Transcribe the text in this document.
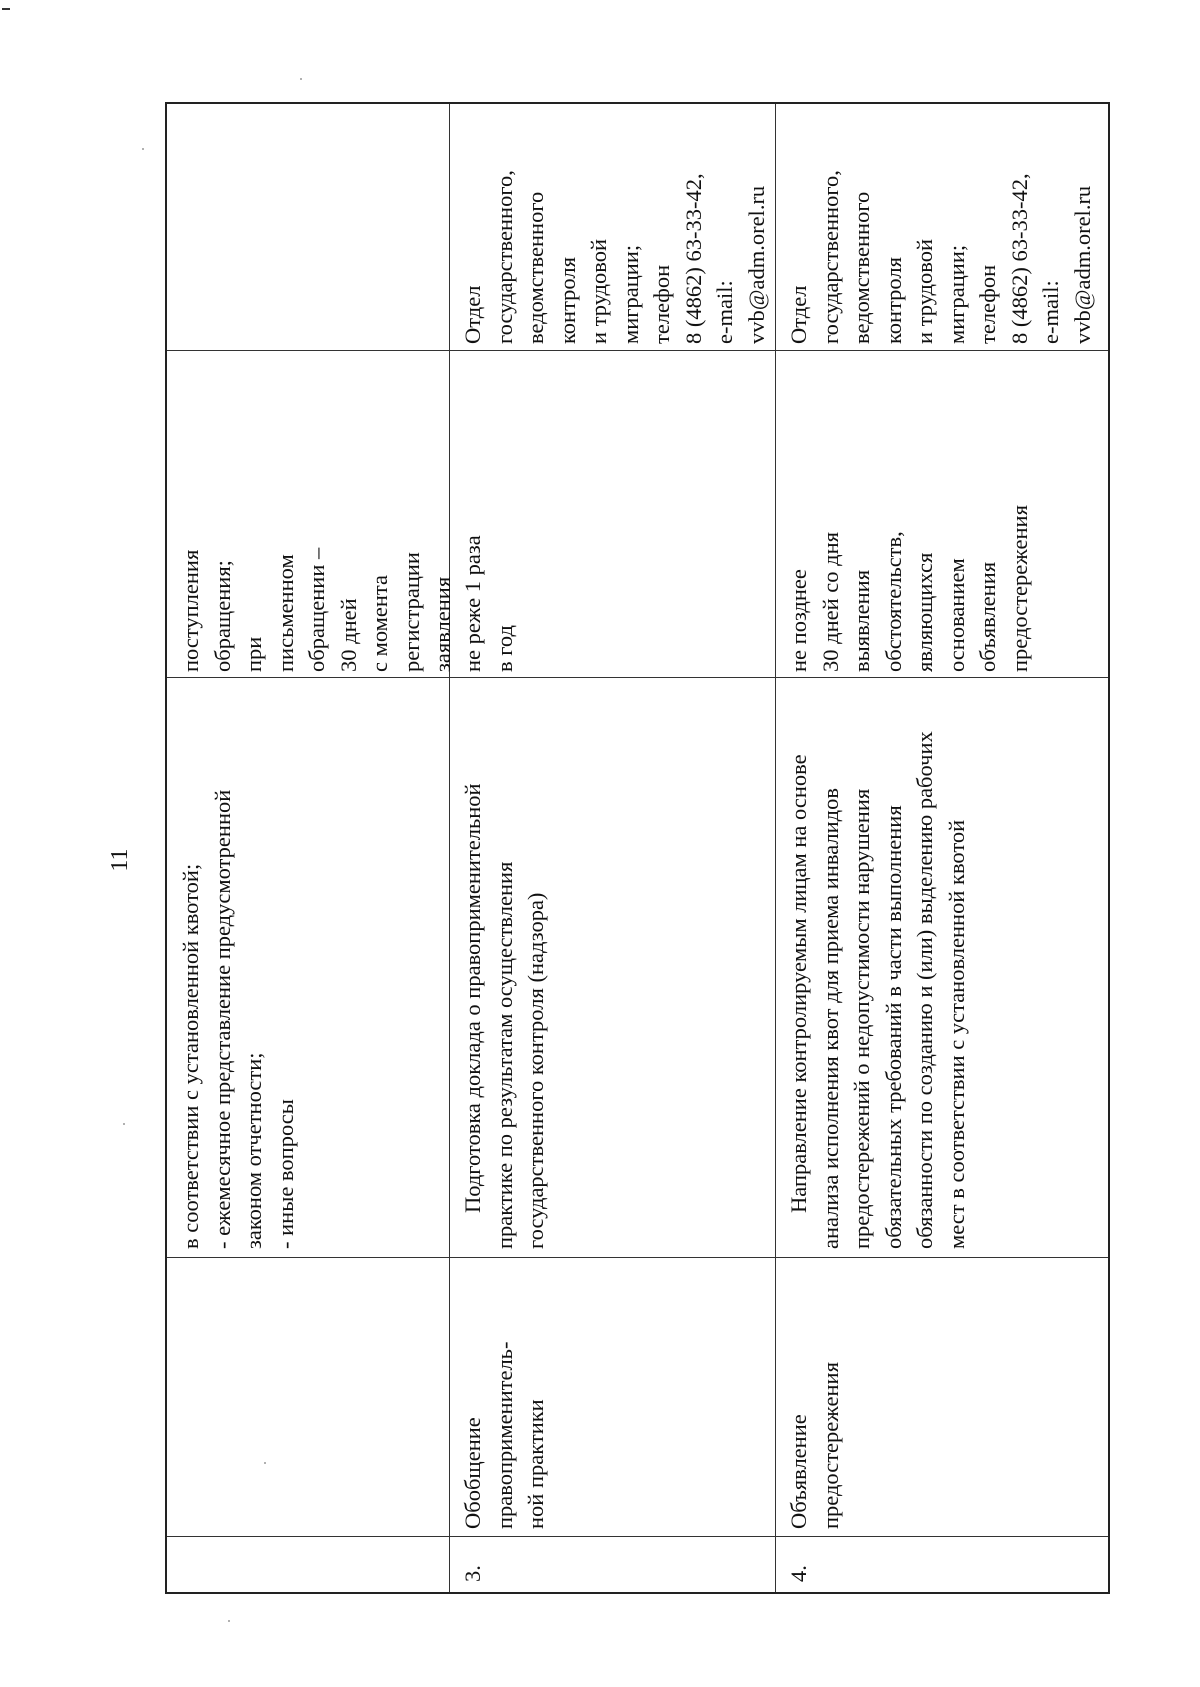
11
поступления
обращения;
при
письменном
обращении –
30 дней
с момента
регистрации
заявления
в соответствии с установленной квотой;
- ежемесячное представление предусмотренной
законом отчетности;
- иные вопросы
Отдел
государственного,
ведомственного
контроля
и трудовой
миграции;
телефон
8 (4862) 63-33-42,
e-mail:
vvb@adm.orel.ru
не реже 1 раза
в год
Подготовка доклада о правоприменительной
практике по результатам осуществления
государственного контроля (надзора)
Обобщение
правоприменитель-
ной практики
3.
Отдел
государственного,
ведомственного
контроля
и трудовой
миграции;
телефон
8 (4862) 63-33-42,
e-mail:
vvb@adm.orel.ru
не позднее
30 дней со дня
выявления
обстоятельств,
являющихся
основанием
объявления
предостережения
Направление контролируемым лицам на основе
анализа исполнения квот для приема инвалидов
предостережений о недопустимости нарушения
обязательных требований в части выполнения
обязанности по созданию и (или) выделению рабочих
мест в соответствии с установленной квотой
Объявление
предостережения
4.
